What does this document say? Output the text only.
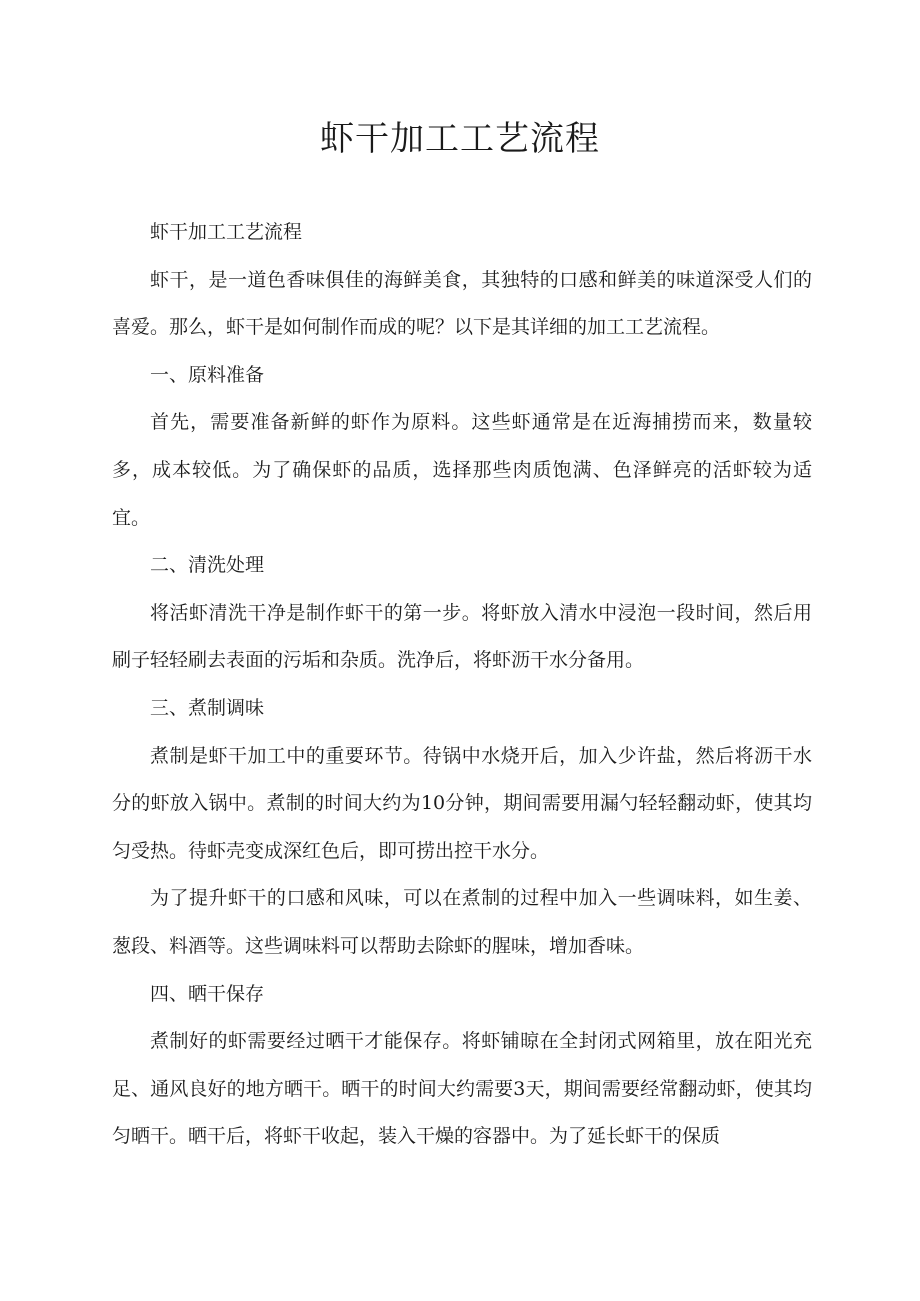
虾干加工工艺流程

虾干加工工艺流程

虾干，是一道色香味俱佳的海鲜美食，其独特的口感和鲜美的味道深受人们的喜爱。那么，虾干是如何制作而成的呢？以下是其详细的加工工艺流程。

一、原料准备

首先，需要准备新鲜的虾作为原料。这些虾通常是在近海捕捞而来，数量较多，成本较低。为了确保虾的品质，选择那些肉质饱满、色泽鲜亮的活虾较为适宜。

二、清洗处理

将活虾清洗干净是制作虾干的第一步。将虾放入清水中浸泡一段时间，然后用刷子轻轻刷去表面的污垢和杂质。洗净后，将虾沥干水分备用。

三、煮制调味

煮制是虾干加工中的重要环节。待锅中水烧开后，加入少许盐，然后将沥干水分的虾放入锅中。煮制的时间大约为10分钟，期间需要用漏勺轻轻翻动虾，使其均匀受热。待虾壳变成深红色后，即可捞出控干水分。

为了提升虾干的口感和风味，可以在煮制的过程中加入一些调味料，如生姜、葱段、料酒等。这些调味料可以帮助去除虾的腥味，增加香味。

四、晒干保存

煮制好的虾需要经过晒干才能保存。将虾铺晾在全封闭式网箱里，放在阳光充足、通风良好的地方晒干。晒干的时间大约需要3天，期间需要经常翻动虾，使其均匀晒干。晒干后，将虾干收起，装入干燥的容器中。为了延长虾干的保质
